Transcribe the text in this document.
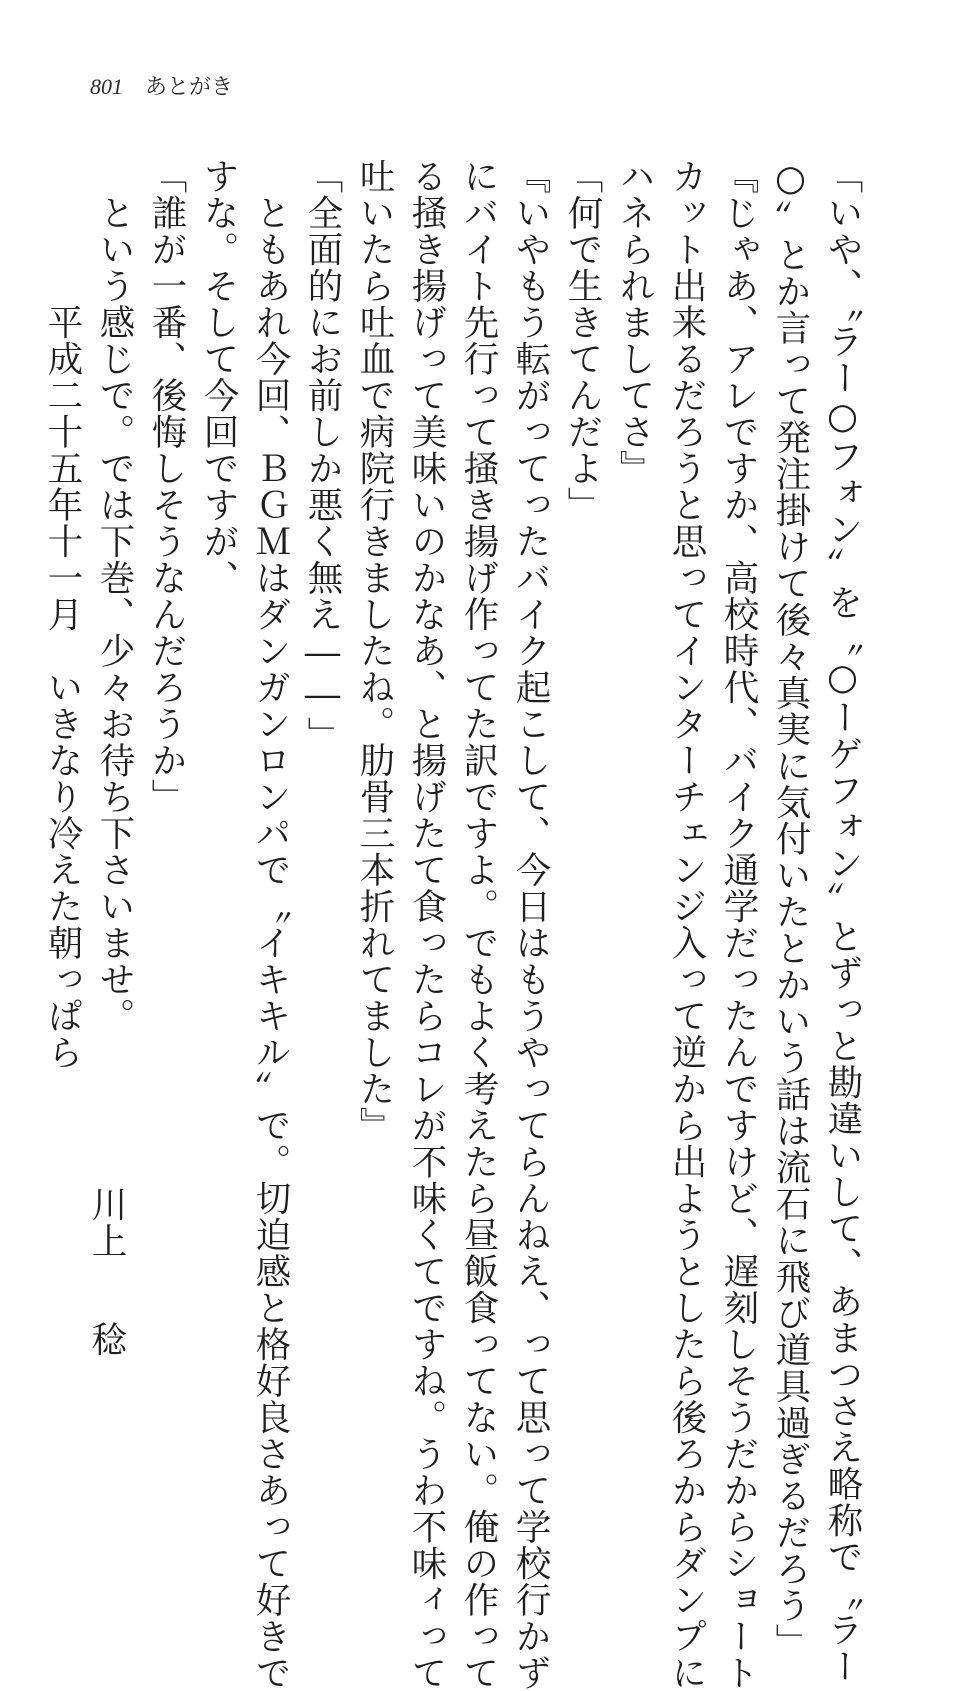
801 あとがき
「いや、〝ラー○フォン〟を〝○ーゲフォン〟とずっと勘違いして、あまつさえ略称で〝ラー
○〟とか言って発注掛けて後々真実に気付いたとかいう話は流石に飛び道具過ぎるだろう」
『じゃあ、アレですか、高校時代、バイク通学だったんですけど、遅刻しそうだからショート
カット出来るだろうと思ってインターチェンジ入って逆から出ようとしたら後ろからダンプに
ハネられましてさ』
「何で生きてんだよ」
『いやもう転がってったバイク起こして、今日はもうやってらんねえ、って思って学校行かず
にバイト先行って掻き揚げ作ってた訳ですよ。でもよく考えたら昼飯食ってない。俺の作って
る掻き揚げって美味いのかなあ、と揚げたて食ったらコレが不味くてですね。うわ不味ィって
吐いたら吐血で病院行きましたね。肋骨三本折れてました』
「全面的にお前しか悪く無え――」
　ともあれ今回、ＢＧＭはダンガンロンパで〝イキキル〟で。切迫感と格好良さあって好きで
すな。そして今回ですが、
「誰が一番、後悔しそうなんだろうか」
　という感じで。では下巻、少々お待ち下さいませ。
　　　　平成二十五年十一月　いきなり冷えた朝っぱら
川上稔
